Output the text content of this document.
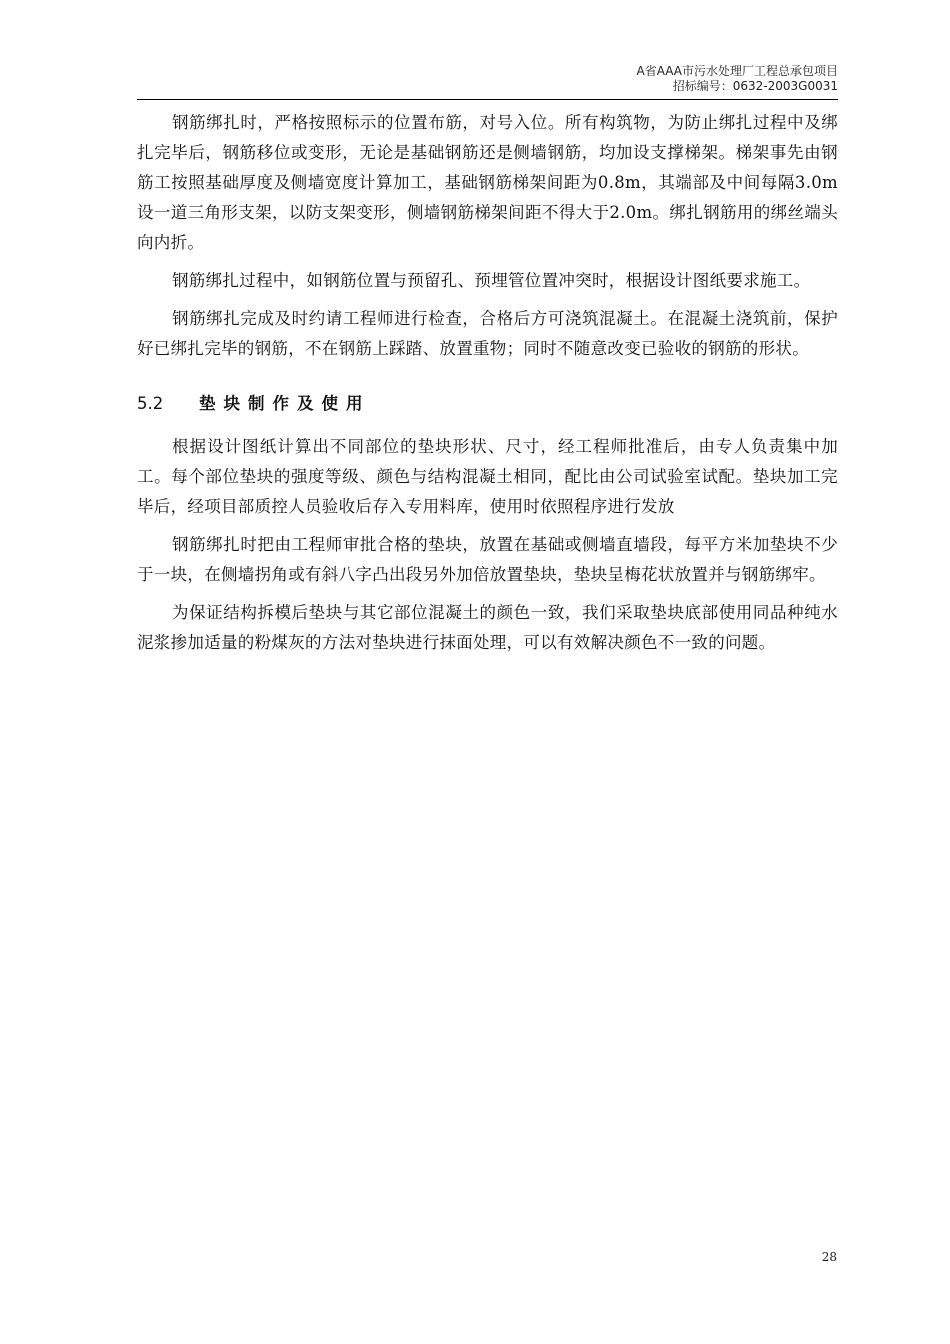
A省AAA市污水处理厂工程总承包项目
招标编号：0632-2003G0031

钢筋绑扎时，严格按照标示的位置布筋，对号入位。所有构筑物，为防止绑扎过程中及绑扎完毕后，钢筋移位或变形，无论是基础钢筋还是侧墙钢筋，均加设支撑梯架。梯架事先由钢筋工按照基础厚度及侧墙宽度计算加工，基础钢筋梯架间距为0.8m，其端部及中间每隔3.0m设一道三角形支架，以防支架变形，侧墙钢筋梯架间距不得大于2.0m。绑扎钢筋用的绑丝端头向内折。

钢筋绑扎过程中，如钢筋位置与预留孔、预埋管位置冲突时，根据设计图纸要求施工。

钢筋绑扎完成及时约请工程师进行检查，合格后方可浇筑混凝土。在混凝土浇筑前，保护好已绑扎完毕的钢筋，不在钢筋上踩踏、放置重物；同时不随意改变已验收的钢筋的形状。

5.2 垫块制作及使用

根据设计图纸计算出不同部位的垫块形状、尺寸，经工程师批准后，由专人负责集中加工。每个部位垫块的强度等级、颜色与结构混凝土相同，配比由公司试验室试配。垫块加工完毕后，经项目部质控人员验收后存入专用料库，使用时依照程序进行发放

钢筋绑扎时把由工程师审批合格的垫块，放置在基础或侧墙直墙段，每平方米加垫块不少于一块，在侧墙拐角或有斜八字凸出段另外加倍放置垫块，垫块呈梅花状放置并与钢筋绑牢。

为保证结构拆模后垫块与其它部位混凝土的颜色一致，我们采取垫块底部使用同品种纯水泥浆掺加适量的粉煤灰的方法对垫块进行抹面处理，可以有效解决颜色不一致的问题。

28
